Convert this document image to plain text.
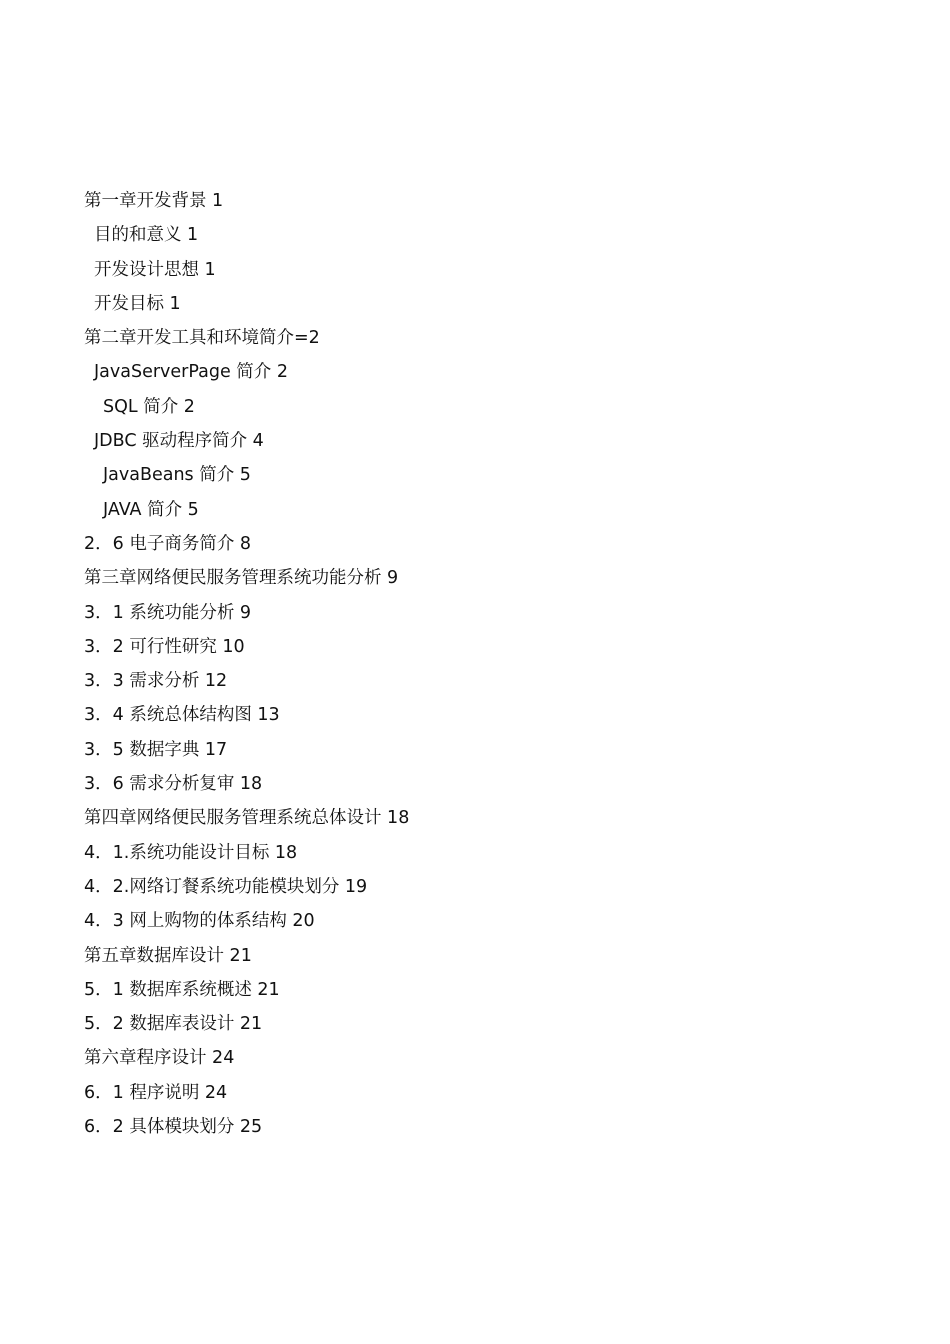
第一章开发背景 1
目的和意义 1
开发设计思想 1
开发目标 1
第二章开发工具和环境简介=2
JavaServerPage 简介 2
SQL 简介 2
JDBC 驱动程序简介 4
JavaBeans 简介 5
JAVA 简介 5
2．6 电子商务简介 8
第三章网络便民服务管理系统功能分析 9
3．1 系统功能分析 9
3．2 可行性研究 10
3．3 需求分析 12
3．4 系统总体结构图 13
3．5 数据字典 17
3．6 需求分析复审 18
第四章网络便民服务管理系统总体设计 18
4．1.系统功能设计目标 18
4．2.网络订餐系统功能模块划分 19
4．3 网上购物的体系结构 20
第五章数据库设计 21
5．1 数据库系统概述 21
5．2 数据库表设计 21
第六章程序设计 24
6．1 程序说明 24
6．2 具体模块划分 25
